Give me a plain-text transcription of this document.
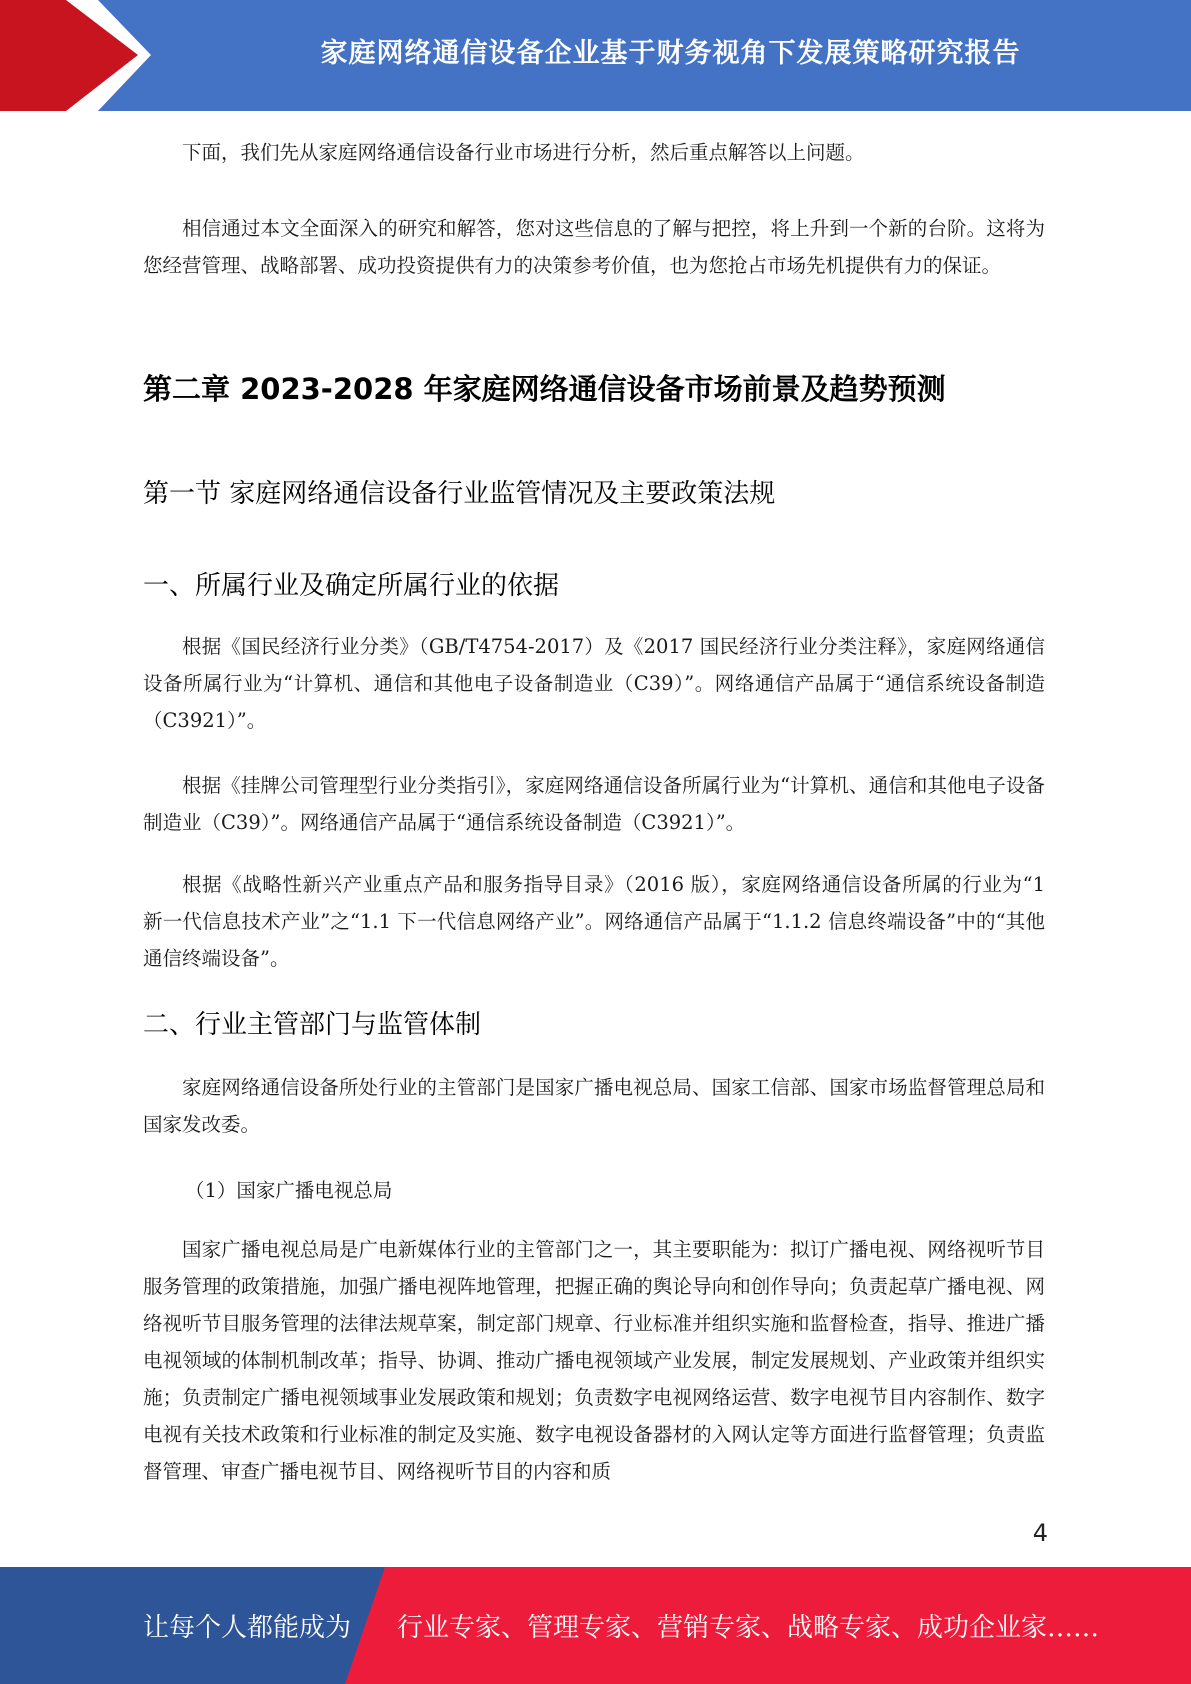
家庭网络通信设备企业基于财务视角下发展策略研究报告

下面，我们先从家庭网络通信设备行业市场进行分析，然后重点解答以上问题。

相信通过本文全面深入的研究和解答，您对这些信息的了解与把控，将上升到一个新的台阶。这将为您经营管理、战略部署、成功投资提供有力的决策参考价值，也为您抢占市场先机提供有力的保证。

第二章 2023-2028 年家庭网络通信设备市场前景及趋势预测
第一节 家庭网络通信设备行业监管情况及主要政策法规
一、所属行业及确定所属行业的依据

根据《国民经济行业分类》（GB/T4754-2017）及《2017 国民经济行业分类注释》，家庭网络通信设备所属行业为“计算机、通信和其他电子设备制造业（C39）”。网络通信产品属于“通信系统设备制造（C3921）”。

根据《挂牌公司管理型行业分类指引》，家庭网络通信设备所属行业为“计算机、通信和其他电子设备制造业（C39）”。网络通信产品属于“通信系统设备制造（C3921）”。

根据《战略性新兴产业重点产品和服务指导目录》（2016 版），家庭网络通信设备所属的行业为“1 新一代信息技术产业”之“1.1 下一代信息网络产业”。网络通信产品属于“1.1.2 信息终端设备”中的“其他通信终端设备”。

二、行业主管部门与监管体制

家庭网络通信设备所处行业的主管部门是国家广播电视总局、国家工信部、国家市场监督管理总局和国家发改委。

（1）国家广播电视总局

国家广播电视总局是广电新媒体行业的主管部门之一，其主要职能为：拟订广播电视、网络视听节目服务管理的政策措施，加强广播电视阵地管理，把握正确的舆论导向和创作导向；负责起草广播电视、网络视听节目服务管理的法律法规草案，制定部门规章、行业标准并组织实施和监督检查，指导、推进广播电视领域的体制机制改革；指导、协调、推动广播电视领域产业发展，制定发展规划、产业政策并组织实施；负责制定广播电视领域事业发展政策和规划；负责数字电视网络运营、数字电视节目内容制作、数字电视有关技术政策和行业标准的制定及实施、数字电视设备器材的入网认定等方面进行监督管理；负责监督管理、审查广播电视节目、网络视听节目的内容和质

4
让每个人都能成为 行业专家、管理专家、营销专家、战略专家、成功企业家……
